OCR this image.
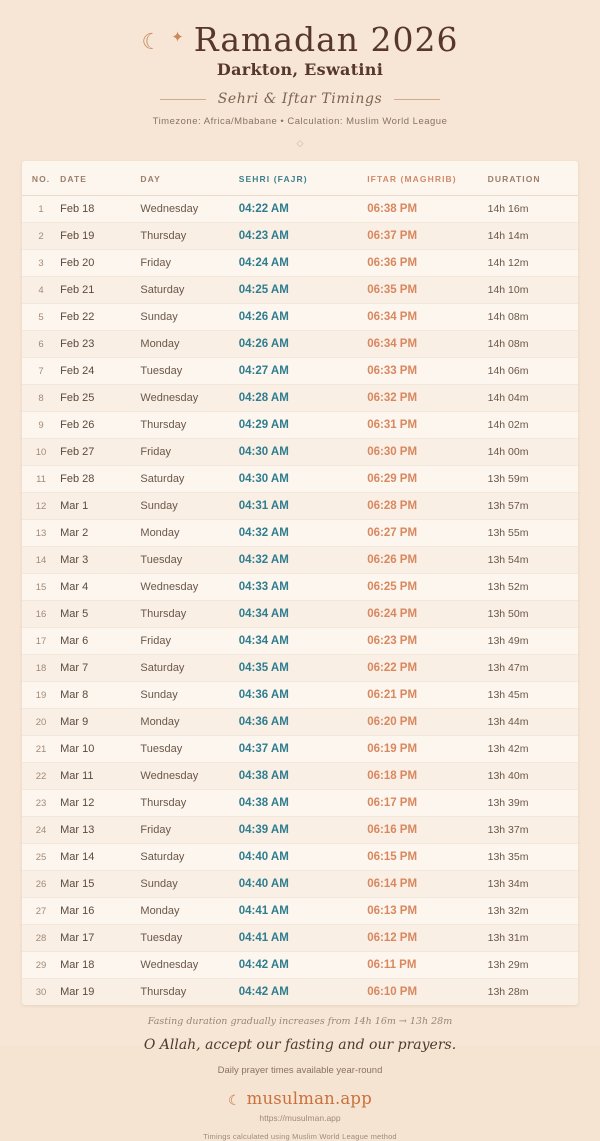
☾ ✦ Ramadan 2026
Darkton, Eswatini
Sehri & Iftar Timings
Timezone: Africa/Mbabane • Calculation: Muslim World League
◇
NO.	DATE	DAY	SEHRI (FAJR)	IFTAR (MAGHRIB)	DURATION
1	Feb 18	Wednesday	04:22 AM	06:38 PM	14h 16m
2	Feb 19	Thursday	04:23 AM	06:37 PM	14h 14m
3	Feb 20	Friday	04:24 AM	06:36 PM	14h 12m
4	Feb 21	Saturday	04:25 AM	06:35 PM	14h 10m
5	Feb 22	Sunday	04:26 AM	06:34 PM	14h 08m
6	Feb 23	Monday	04:26 AM	06:34 PM	14h 08m
7	Feb 24	Tuesday	04:27 AM	06:33 PM	14h 06m
8	Feb 25	Wednesday	04:28 AM	06:32 PM	14h 04m
9	Feb 26	Thursday	04:29 AM	06:31 PM	14h 02m
10	Feb 27	Friday	04:30 AM	06:30 PM	14h 00m
11	Feb 28	Saturday	04:30 AM	06:29 PM	13h 59m
12	Mar 1	Sunday	04:31 AM	06:28 PM	13h 57m
13	Mar 2	Monday	04:32 AM	06:27 PM	13h 55m
14	Mar 3	Tuesday	04:32 AM	06:26 PM	13h 54m
15	Mar 4	Wednesday	04:33 AM	06:25 PM	13h 52m
16	Mar 5	Thursday	04:34 AM	06:24 PM	13h 50m
17	Mar 6	Friday	04:34 AM	06:23 PM	13h 49m
18	Mar 7	Saturday	04:35 AM	06:22 PM	13h 47m
19	Mar 8	Sunday	04:36 AM	06:21 PM	13h 45m
20	Mar 9	Monday	04:36 AM	06:20 PM	13h 44m
21	Mar 10	Tuesday	04:37 AM	06:19 PM	13h 42m
22	Mar 11	Wednesday	04:38 AM	06:18 PM	13h 40m
23	Mar 12	Thursday	04:38 AM	06:17 PM	13h 39m
24	Mar 13	Friday	04:39 AM	06:16 PM	13h 37m
25	Mar 14	Saturday	04:40 AM	06:15 PM	13h 35m
26	Mar 15	Sunday	04:40 AM	06:14 PM	13h 34m
27	Mar 16	Monday	04:41 AM	06:13 PM	13h 32m
28	Mar 17	Tuesday	04:41 AM	06:12 PM	13h 31m
29	Mar 18	Wednesday	04:42 AM	06:11 PM	13h 29m
30	Mar 19	Thursday	04:42 AM	06:10 PM	13h 28m
Fasting duration gradually increases from 14h 16m → 13h 28m
O Allah, accept our fasting and our prayers.
Daily prayer times available year-round
☾ musulman.app
https://musulman.app
Timings calculated using Muslim World League method
